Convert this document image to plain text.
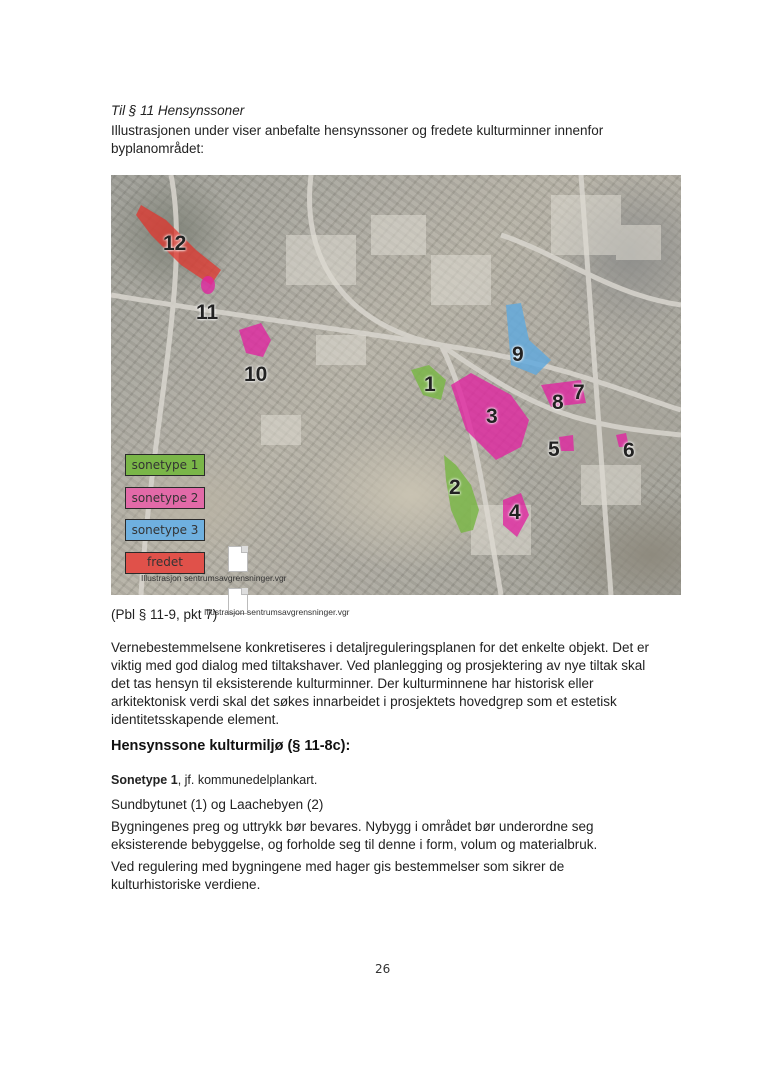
Til § 11 Hensynssoner
Illustrasjonen under viser anbefalte hensynssoner og fredete kulturminner innenfor byplanområdet:
12
11
10	1
9
3
8 7
5	6
2
4
sonetype 1
sonetype 2
sonetype 3
fredet
Illustrasjon sentrumsavgrensninger.vgr
(Pbl § 11-9, pkt 7)
Illustrasjon sentrumsavgrensninger.vgr
Vernebestemmelsene konkretiseres i detaljreguleringsplanen for det enkelte objekt. Det er viktig med god dialog med tiltakshaver. Ved planlegging og prosjektering av nye tiltak skal det tas hensyn til eksisterende kulturminner. Der kulturminnene har historisk eller arkitektonisk verdi skal det søkes innarbeidet i prosjektets hovedgrep som et estetisk identitetsskapende element.
Hensynssone kulturmiljø (§ 11-8c):
Sonetype 1, jf. kommunedelplankart.
Sundbytunet (1) og Laachebyen (2)
Bygningenes preg og uttrykk bør bevares. Nybygg i området bør underordne seg eksisterende bebyggelse, og forholde seg til denne i form, volum og materialbruk.
Ved regulering med bygningene med hager gis bestemmelser som sikrer de kulturhistoriske verdiene.
26
